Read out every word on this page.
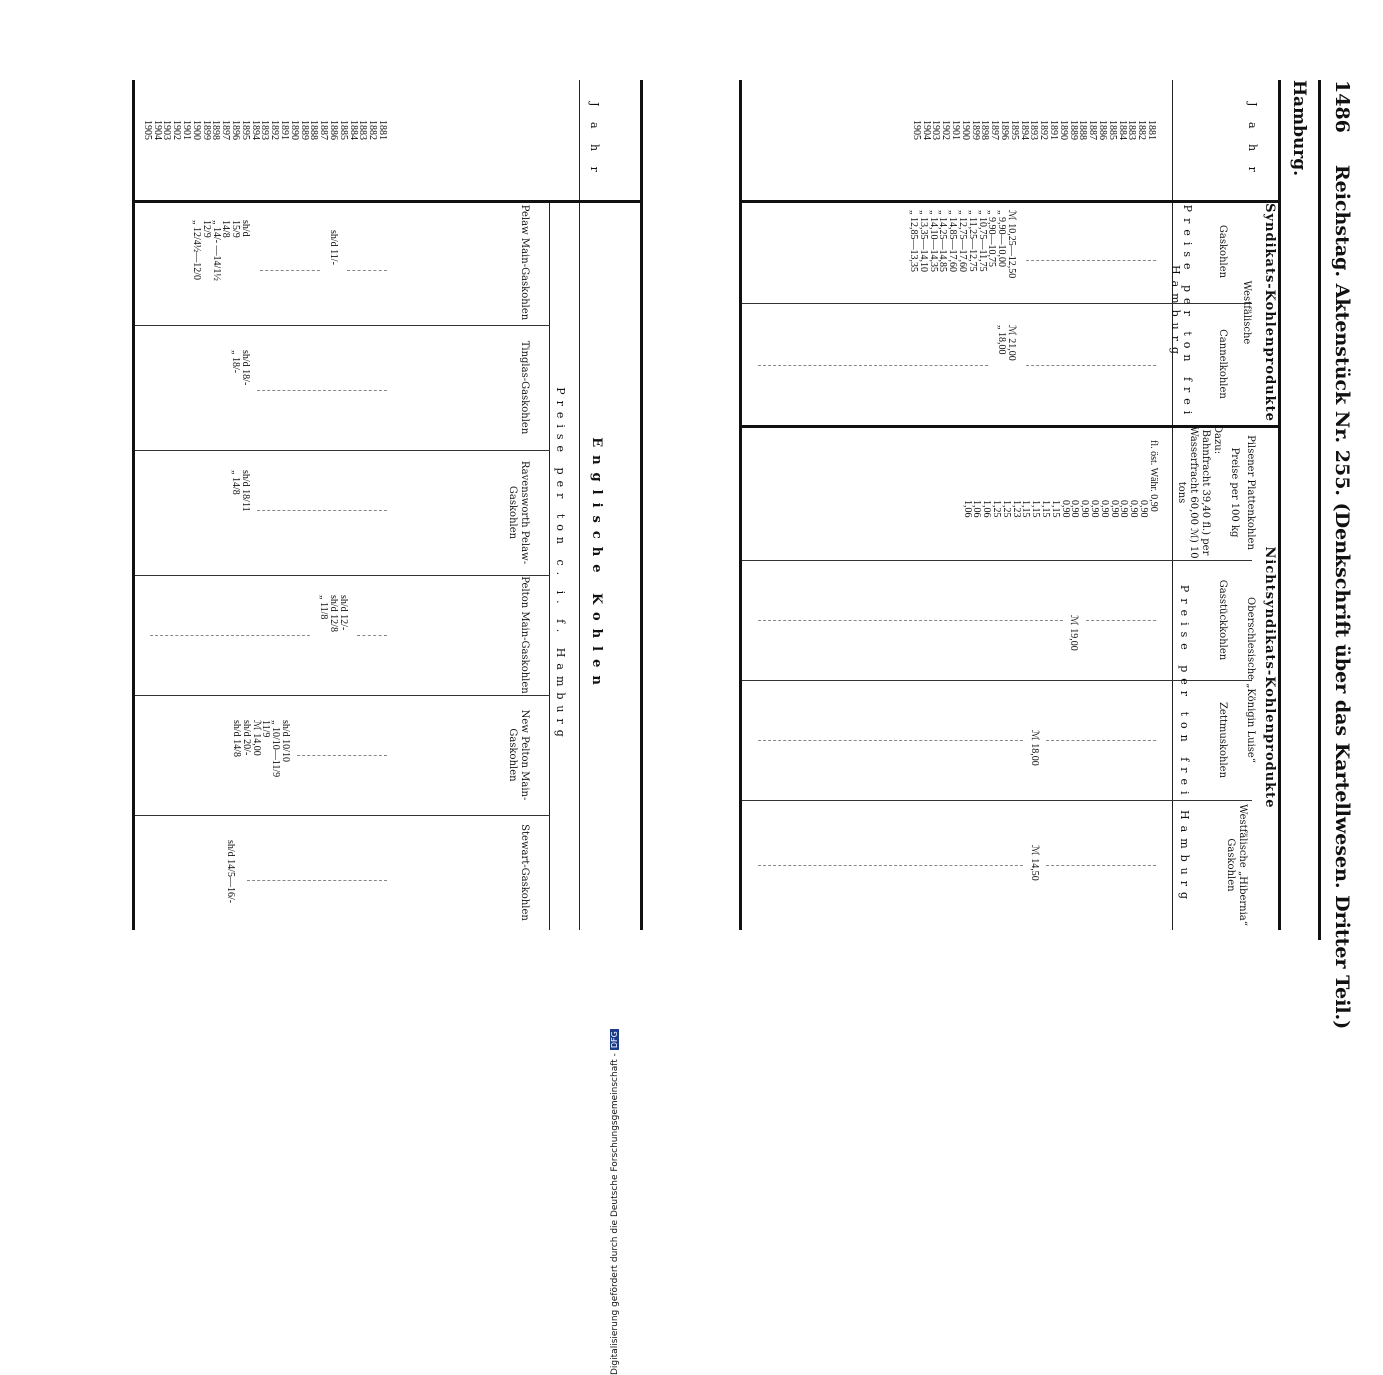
1486
Reichstag. Aktenstück Nr. 255. (Denkschrift über das Kartellwesen. Dritter Teil.)
Hamburg.
J a h r
Syndikats-Kohlenprodukte
Westfälische
Gaskohlen
Cannelkohlen
Preise per ton frei Hamburg
Nichtsyndikats-Kohlenprodukte
Pilsener Plattenkohlen
Preise per 100 kg
Dazu:
Bahnfracht 39,40 fl.) per
Wasserfracht 60,00 ℳ) 10 tons
Oberschlesische „Königin Luise“
Gasstückkohlen
Zettmuskohlen
Westfälische „Hibernia“ Gaskohlen
Preise per ton frei Hamburg
1881
1882
1883
1884
1885
1886
1887
1888
1889
1890
1891
1892
1893
1894
1895
1896
1897
1898
1899
1900
1901
1902
1903
1904
1905
ℳ 10,25—12,50
„ 9,90—10,00
„ 9,90—10,75
„ 10,75—11,75
„ 11,25—12,75
„ 12,75—17,60
„ 14,85—17,60
„ 14,25—14,85
„ 14,10—14,35
„ 13,35—14,10
„ 12,85—13,35
ℳ 21,00
„ 18,00
fl. öst. Währ. 0,90
0,90
0,90
0,90
0,90
0,90
0,90
0,90
0,90
0,90
1,15
1,15
1,15
1,15
1,23
1,25
1,25
1,06
1,06
1,06
ℳ 19,00
ℳ 18,00
ℳ 14,50
J a h r
Englische Kohlen
Preise per ton c. i. f. Hamburg
1881
1882
1883
1884
1885
1886
1887
1888
1889
1890
1891
1892
1893
1894
1895
1896
1897
1898
1899
1900
1901
1902
1903
1904
1905
sh/d 11/-
sh/d
15/9
14/8
„ 14/- —14/1½
12/9
„ 12/4½—12/0
sh/d 18/-
„ 18/-
sh/d 18/11
„ 14/8
sh/d 12/-
sh/d 12/8
„ 11/8
sh/d 10/10
„ 10/10—11/9
11/9
ℳ 14,00
sh/d 20/-
sh/d 14/8
sh/d 14/5—16/-
Pelaw Main-Gaskohlen
Tinglas-Gaskohlen
Ravensworth Pelaw-Gaskohlen
Pelton Main-Gaskohlen
New Pelton Main-Gaskohlen
Stewart-Gaskohlen
Digitalisierung gefördert durch die Deutsche Forschungsgemeinschaft -DFG
